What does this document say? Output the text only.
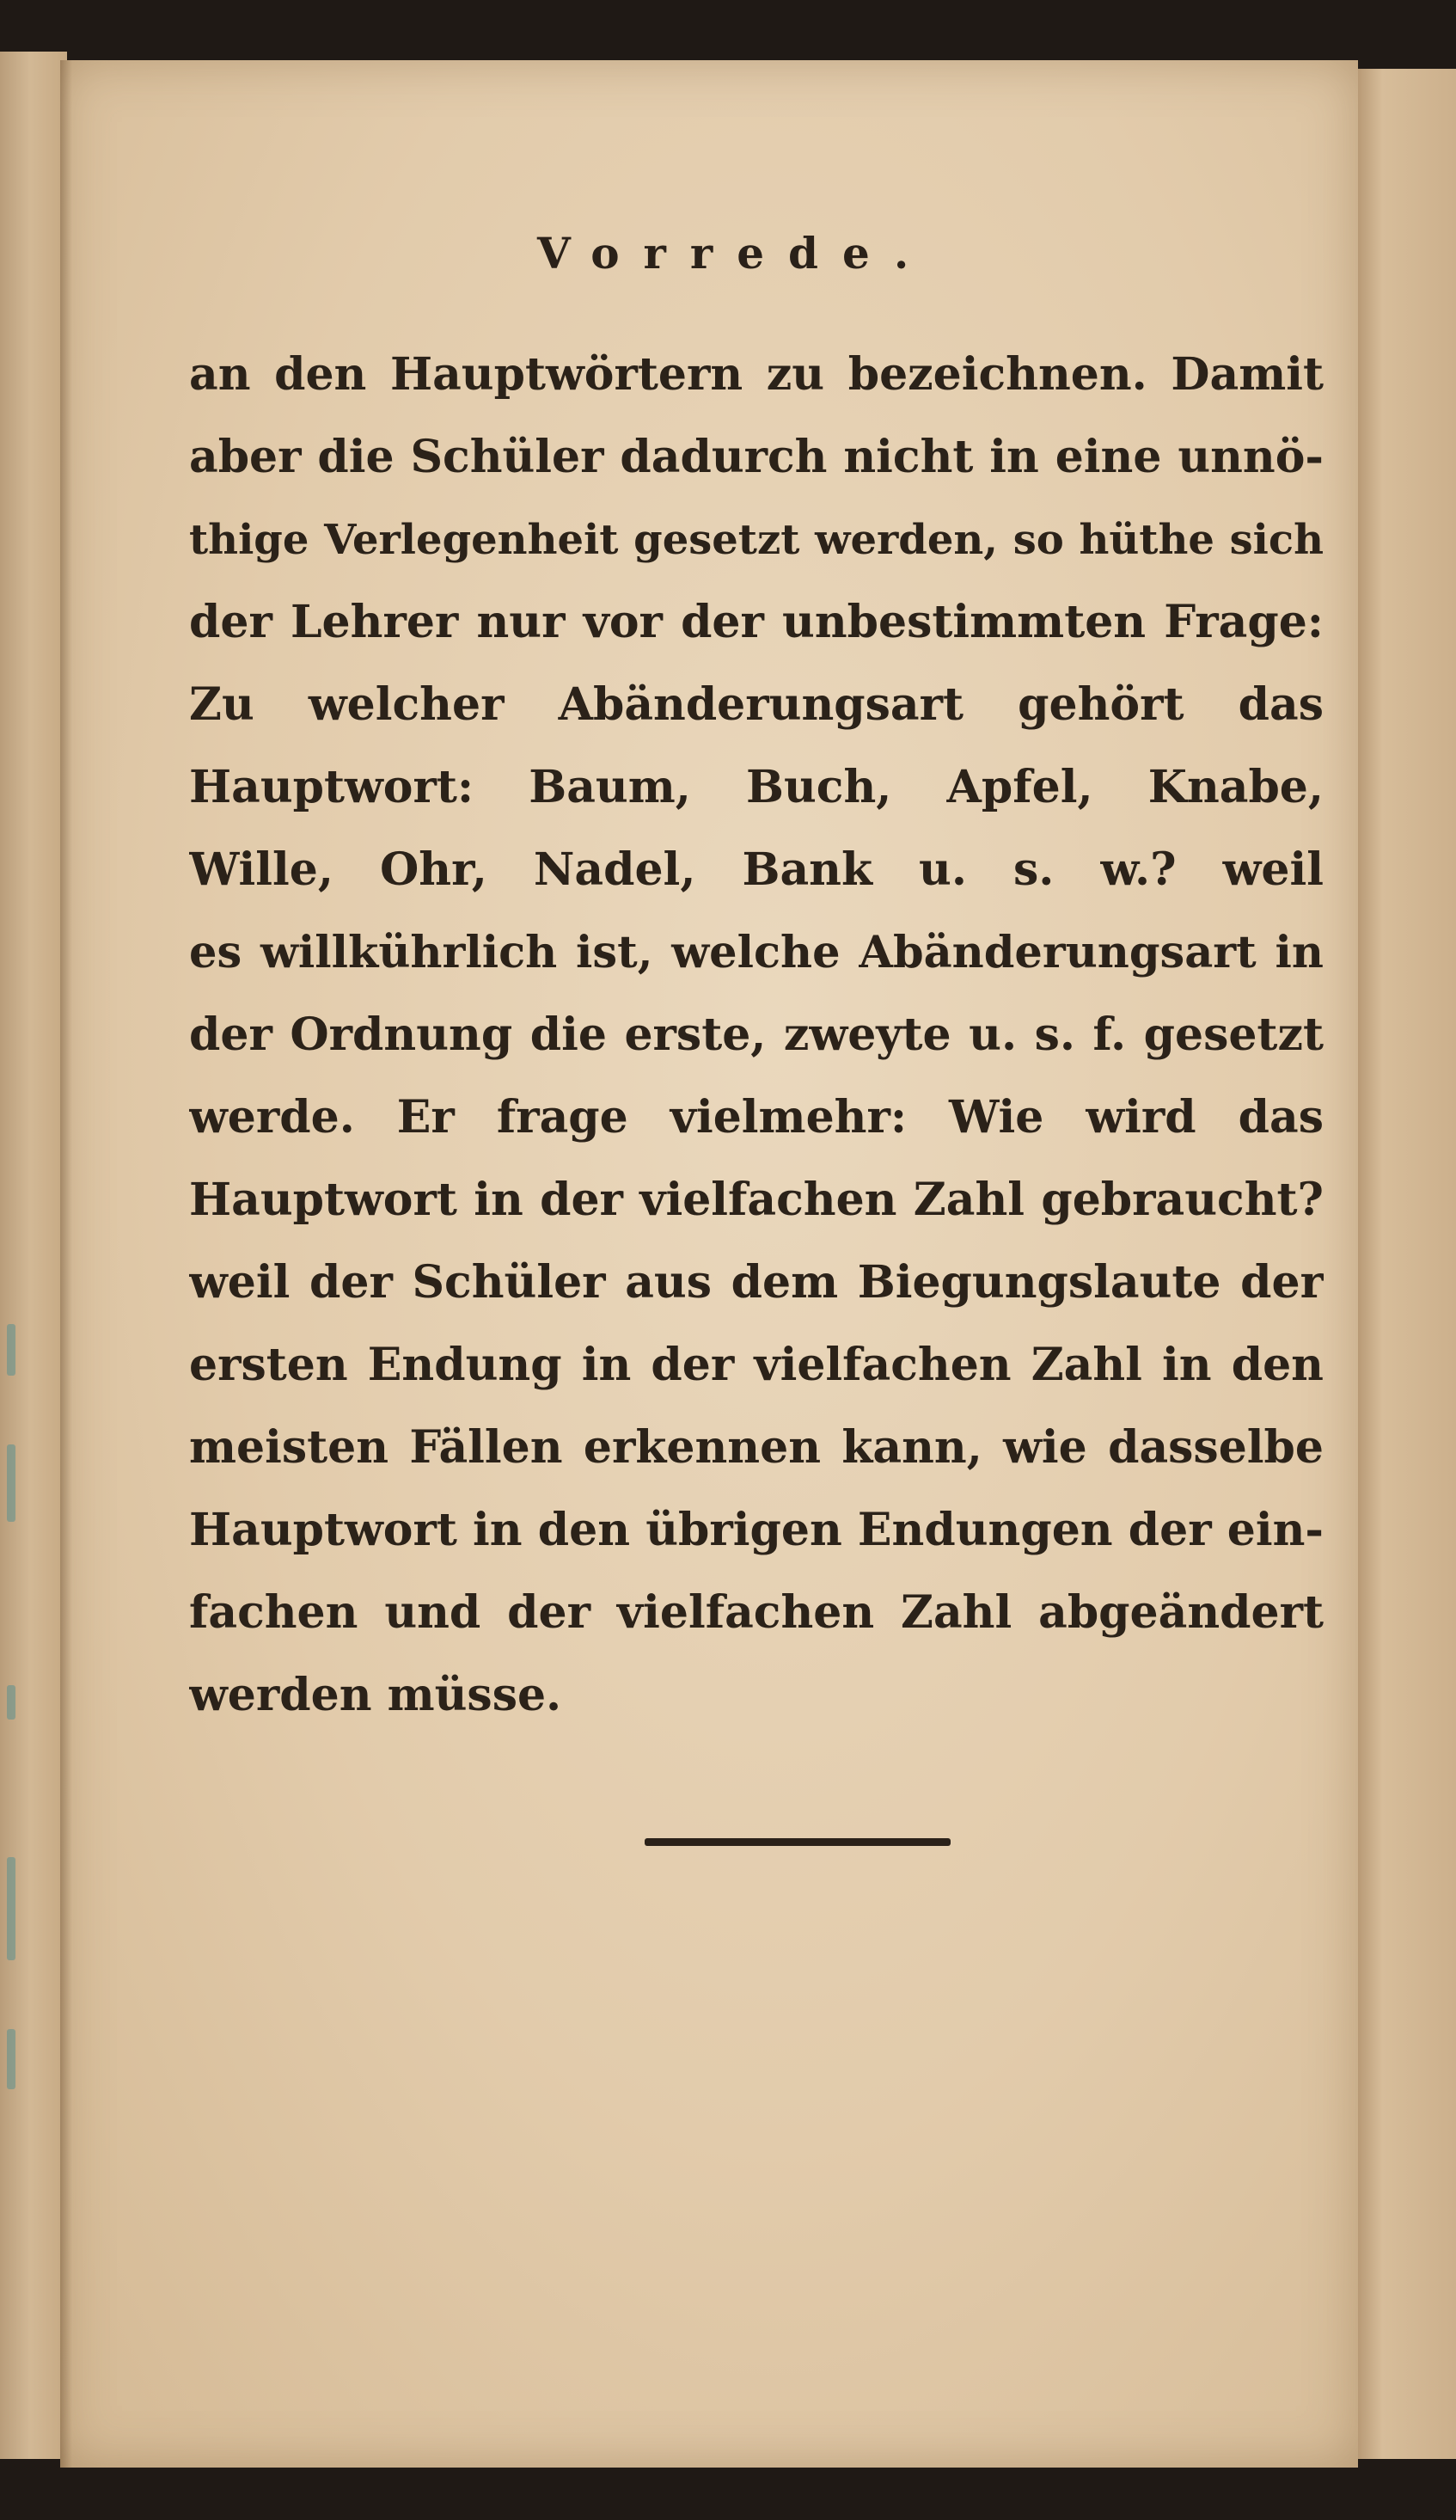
Vorrede.
an den Hauptwörtern zu bezeichnen. Damit
aber die Schüler dadurch nicht in eine unnö-
thige Verlegenheit gesetzt werden, so hüthe sich
der Lehrer nur vor der unbestimmten Frage:
Zu welcher Abänderungsart gehört das
Hauptwort: Baum, Buch, Apfel, Knabe,
Wille, Ohr, Nadel, Bank u. s. w.? weil
es willkührlich ist, welche Abänderungsart in
der Ordnung die erste, zweyte u. s. f. gesetzt
werde. Er frage vielmehr: Wie wird das
Hauptwort in der vielfachen Zahl gebraucht?
weil der Schüler aus dem Biegungslaute der
ersten Endung in der vielfachen Zahl in den
meisten Fällen erkennen kann, wie dasselbe
Hauptwort in den übrigen Endungen der ein-
fachen und der vielfachen Zahl abgeändert
werden müsse.
